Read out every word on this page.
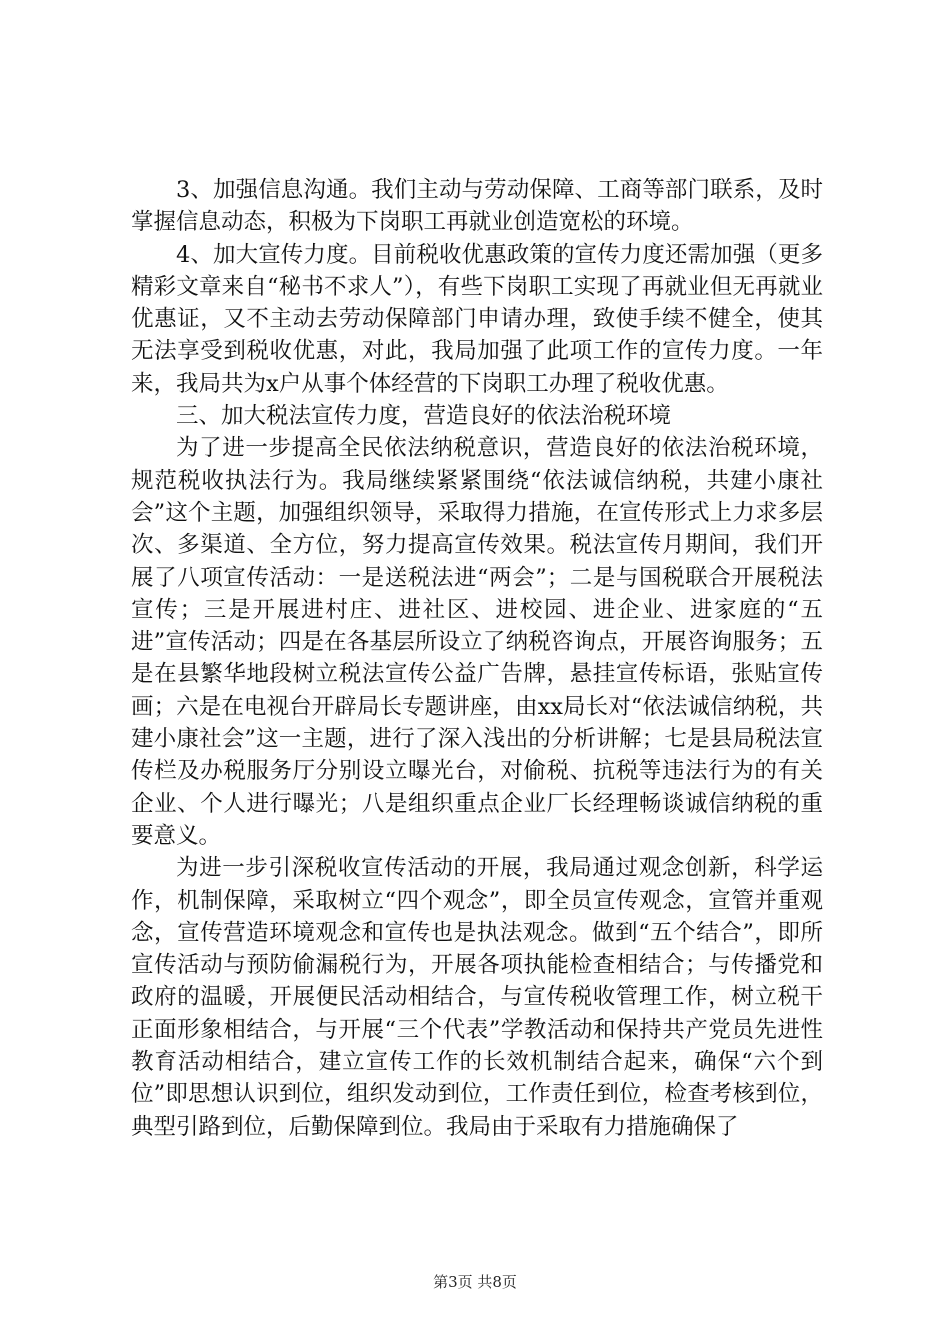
3、加强信息沟通。我们主动与劳动保障、工商等部门联系，及时掌握信息动态，积极为下岗职工再就业创造宽松的环境。

4、加大宣传力度。目前税收优惠政策的宣传力度还需加强（更多精彩文章来自“秘书不求人”），有些下岗职工实现了再就业但无再就业优惠证，又不主动去劳动保障部门申请办理，致使手续不健全，使其无法享受到税收优惠，对此，我局加强了此项工作的宣传力度。一年来，我局共为x户从事个体经营的下岗职工办理了税收优惠。

三、加大税法宣传力度，营造良好的依法治税环境

为了进一步提高全民依法纳税意识，营造良好的依法治税环境，规范税收执法行为。我局继续紧紧围绕“依法诚信纳税，共建小康社会”这个主题，加强组织领导，采取得力措施，在宣传形式上力求多层次、多渠道、全方位，努力提高宣传效果。税法宣传月期间，我们开展了八项宣传活动：一是送税法进“两会”；二是与国税联合开展税法宣传；三是开展进村庄、进社区、进校园、进企业、进家庭的“五进”宣传活动；四是在各基层所设立了纳税咨询点，开展咨询服务；五是在县繁华地段树立税法宣传公益广告牌，悬挂宣传标语，张贴宣传画；六是在电视台开辟局长专题讲座，由xx局长对“依法诚信纳税，共建小康社会”这一主题，进行了深入浅出的分析讲解；七是县局税法宣传栏及办税服务厅分别设立曝光台，对偷税、抗税等违法行为的有关企业、个人进行曝光；八是组织重点企业厂长经理畅谈诚信纳税的重要意义。

为进一步引深税收宣传活动的开展，我局通过观念创新，科学运作，机制保障，采取树立“四个观念”，即全员宣传观念，宣管并重观念，宣传营造环境观念和宣传也是执法观念。做到“五个结合”，即所宣传活动与预防偷漏税行为，开展各项执能检查相结合；与传播党和政府的温暖，开展便民活动相结合，与宣传税收管理工作，树立税干正面形象相结合，与开展“三个代表”学教活动和保持共产党员先进性教育活动相结合，建立宣传工作的长效机制结合起来，确保“六个到位”即思想认识到位，组织发动到位，工作责任到位，检查考核到位，典型引路到位，后勤保障到位。我局由于采取有力措施确保了

第3页 共8页
